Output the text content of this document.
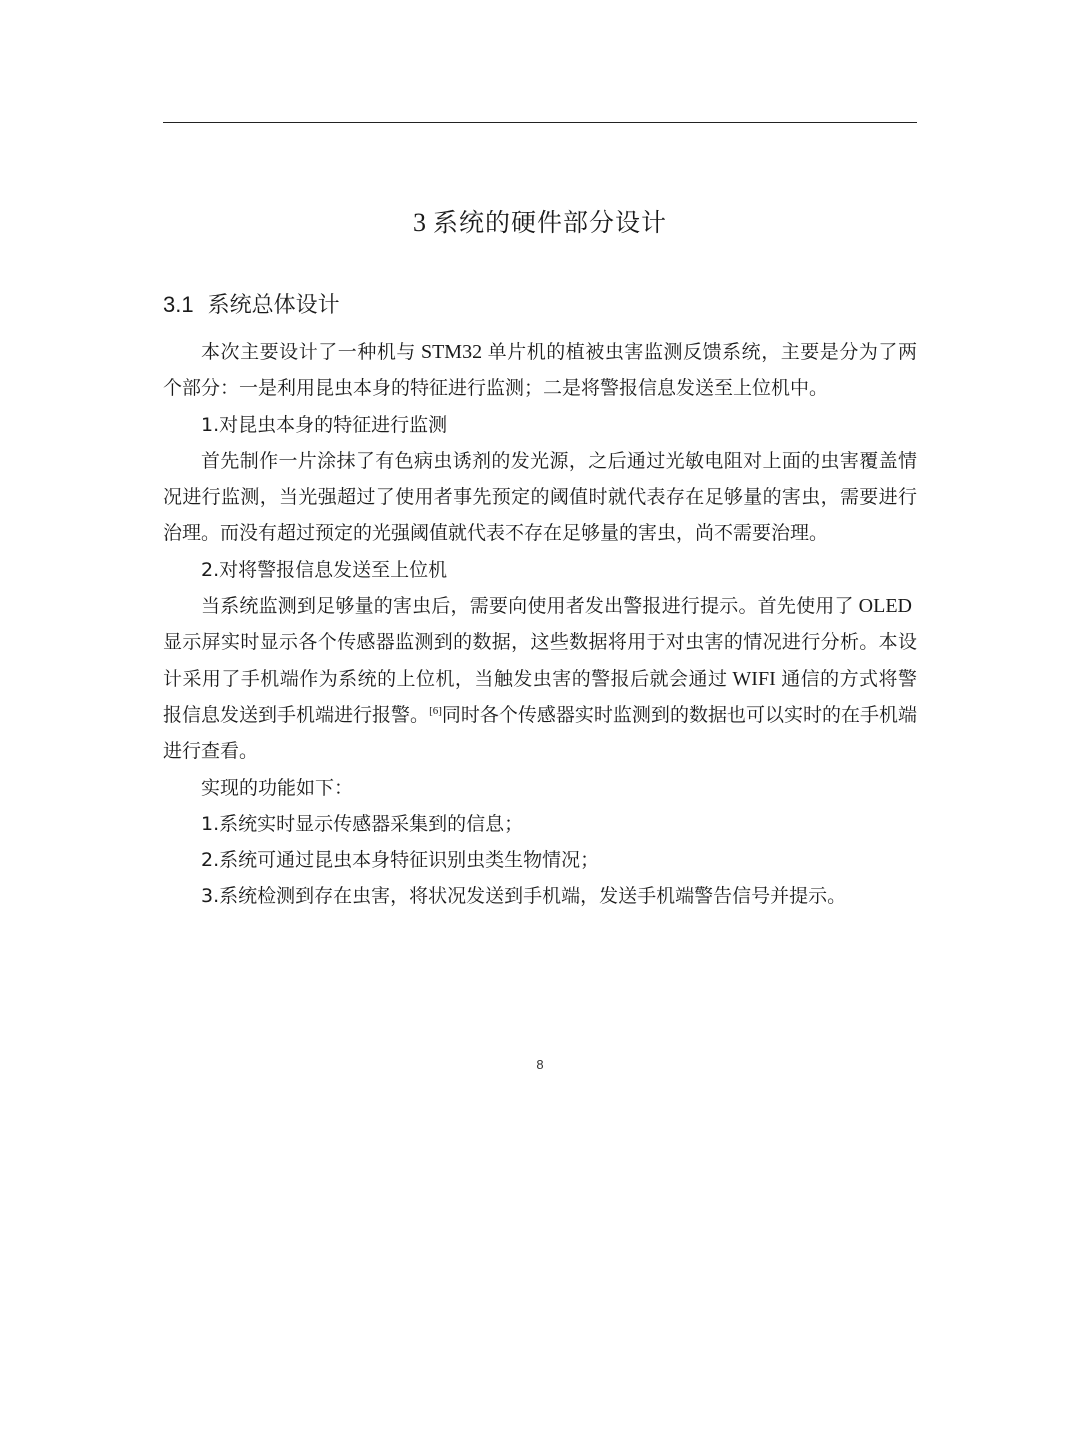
3 系统的硬件部分设计
3.1 系统总体设计

本次主要设计了一种机与 STM32 单片机的植被虫害监测反馈系统，主要是分为了两个部分：一是利用昆虫本身的特征进行监测；二是将警报信息发送至上位机中。

1.对昆虫本身的特征进行监测

首先制作一片涂抹了有色病虫诱剂的发光源，之后通过光敏电阻对上面的虫害覆盖情况进行监测，当光强超过了使用者事先预定的阈值时就代表存在足够量的害虫，需要进行治理。而没有超过预定的光强阈值就代表不存在足够量的害虫，尚不需要治理。

2.对将警报信息发送至上位机

当系统监测到足够量的害虫后，需要向使用者发出警报进行提示。首先使用了 OLED显示屏实时显示各个传感器监测到的数据，这些数据将用于对虫害的情况进行分析。本设计采用了手机端作为系统的上位机，当触发虫害的警报后就会通过 WIFI 通信的方式将警报信息发送到手机端进行报警。[6]同时各个传感器实时监测到的数据也可以实时的在手机端进行查看。

实现的功能如下：

1.系统实时显示传感器采集到的信息；

2.系统可通过昆虫本身特征识别虫类生物情况；

3.系统检测到存在虫害，将状况发送到手机端，发送手机端警告信号并提示。

8
